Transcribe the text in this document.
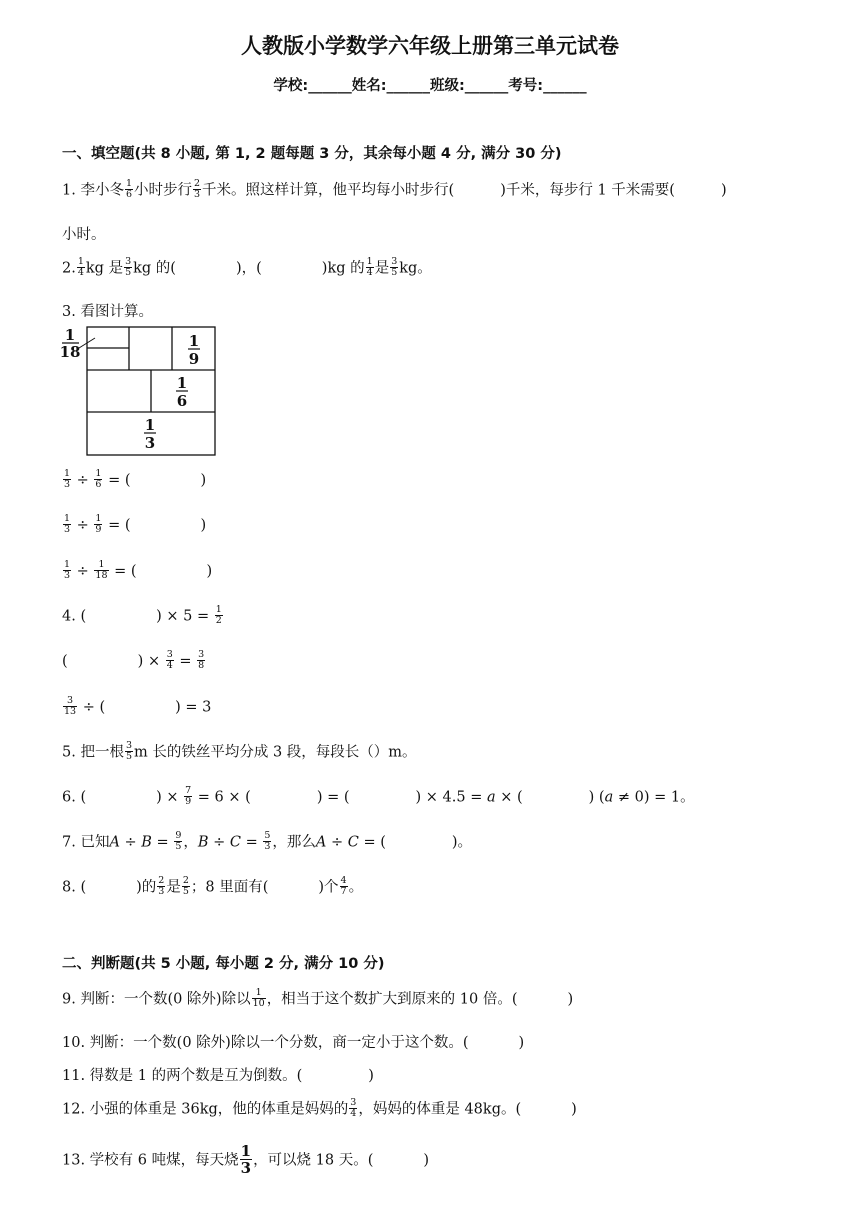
人教版小学数学六年级上册第三单元试卷
学校:______姓名:______班级:______考号:______
一、填空题(共 8 小题, 第 1, 2 题每题 3 分，其余每小题 4 分, 满分 30 分)
1. 李小冬 $\frac{1}{6}$ 小时步行 $\frac{2}{3}$ 千米。照这样计算，他平均每小时步行(	)千米，每步行 1 千米需要(	)
小时。
2. $\frac{1}{4}$ kg 是 $\frac{3}{5}$ kg 的(	)，(	)kg 的 $\frac{1}{4}$ 是 $\frac{3}{5}$ kg。
3. 看图计算。
1
18
1
9
1
6
1
3
$\frac{1}{3} \div \frac{1}{6}$ = (	)
$\frac{1}{3} \div \frac{1}{9}$ = (	)
$\frac{1}{3} \div \frac{1}{18}$ = (	)
4. (	) × $5 = \frac{1}{2}$
(	) × $\frac{3}{4} = \frac{3}{8}$
$\frac{3}{13}$ ÷ (	) = 3
5. 把一根 $\frac{3}{5}$ m 长的铁丝平均分成 3 段，每段长（）m。
6. (	) × $\frac{7}{9} = 6$ × (	) = (	) × 4.5 = a × (	) (a ≠ 0) = 1。
7. 已知$A \div B = \frac{9}{5}$ ，$B \div C = \frac{5}{3}$ ，那么A ÷ C = (	)。
8. (	)的 $\frac{2}{3}$ 是 $\frac{2}{5}$ ；8 里面有(	)个 $\frac{4}{7}$ 。
二、判断题(共 5 小题, 每小题 2 分, 满分 10 分)
9. 判断：一个数(0 除外)除以 $\frac{1}{10}$ ，相当于这个数扩大到原来的 10 倍。(	)
10. 判断：一个数(0 除外)除以一个分数，商一定小于这个数。(	)
11. 得数是 1 的两个数是互为倒数。(	)
12. 小强的体重是 36kg，他的体重是妈妈的 $\frac{3}{4}$ ，妈妈的体重是 48kg。(	)
13. 学校有 6 吨煤，每天烧 $\frac{1}{3}$ ，可以烧 18 天。(	)
